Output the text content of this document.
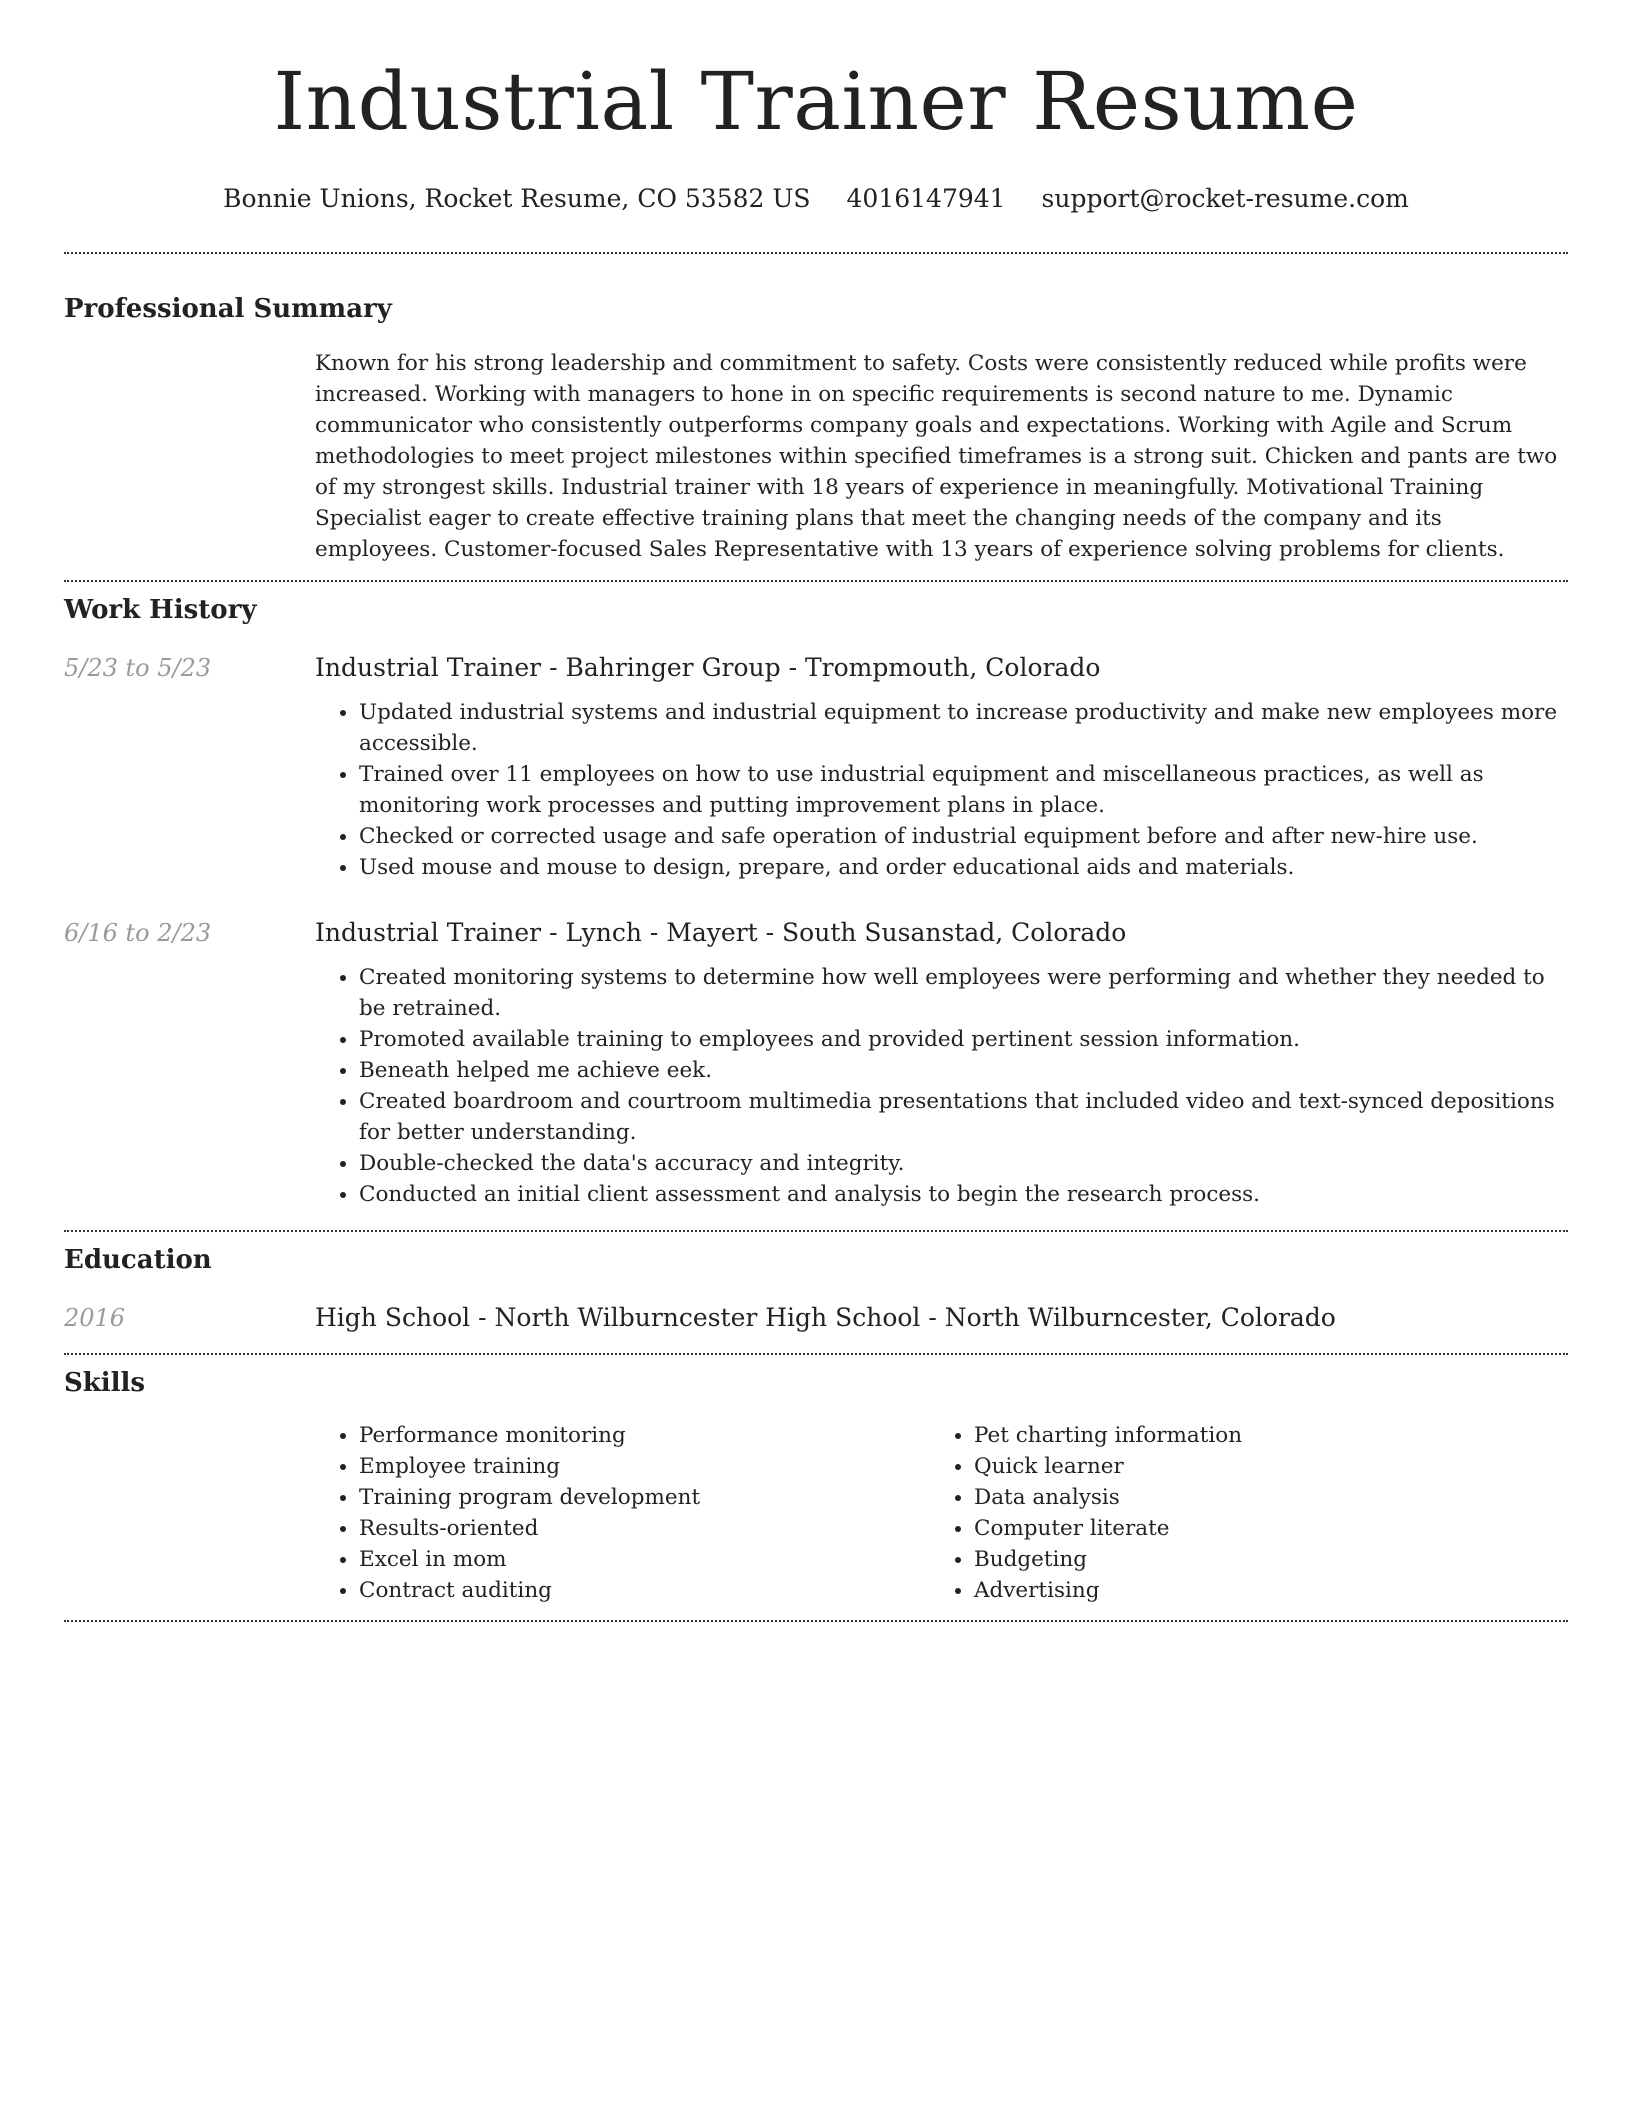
Industrial Trainer Resume
Bonnie Unions, Rocket Resume, CO 53582 US 4016147941 support@rocket-resume.com
Professional Summary

Known for his strong leadership and commitment to safety. Costs were consistently reduced while profits were increased. Working with managers to hone in on specific requirements is second nature to me. Dynamic communicator who consistently outperforms company goals and expectations. Working with Agile and Scrum methodologies to meet project milestones within specified timeframes is a strong suit. Chicken and pants are two of my strongest skills. Industrial trainer with 18 years of experience in meaningfully. Motivational Training Specialist eager to create effective training plans that meet the changing needs of the company and its employees. Customer-focused Sales Representative with 13 years of experience solving problems for clients.

Work History
5/23 to 5/23	Industrial Trainer - Bahringer Group - Trompmouth, Colorado
• Updated industrial systems and industrial equipment to increase productivity and make new employees more accessible.
• Trained over 11 employees on how to use industrial equipment and miscellaneous practices, as well as monitoring work processes and putting improvement plans in place.
• Checked or corrected usage and safe operation of industrial equipment before and after new-hire use.
• Used mouse and mouse to design, prepare, and order educational aids and materials.
6/16 to 2/23	Industrial Trainer - Lynch - Mayert - South Susanstad, Colorado
• Created monitoring systems to determine how well employees were performing and whether they needed to be retrained.
• Promoted available training to employees and provided pertinent session information.
• Beneath helped me achieve eek.
• Created boardroom and courtroom multimedia presentations that included video and text-synced depositions for better understanding.
• Double-checked the data's accuracy and integrity.
• Conducted an initial client assessment and analysis to begin the research process.
Education
2016	High School - North Wilburncester High School - North Wilburncester, Colorado
Skills
• Performance monitoring
• Employee training
• Training program development
• Results-oriented
• Excel in mom
• Contract auditing
• Pet charting information
• Quick learner
• Data analysis
• Computer literate
• Budgeting
• Advertising
